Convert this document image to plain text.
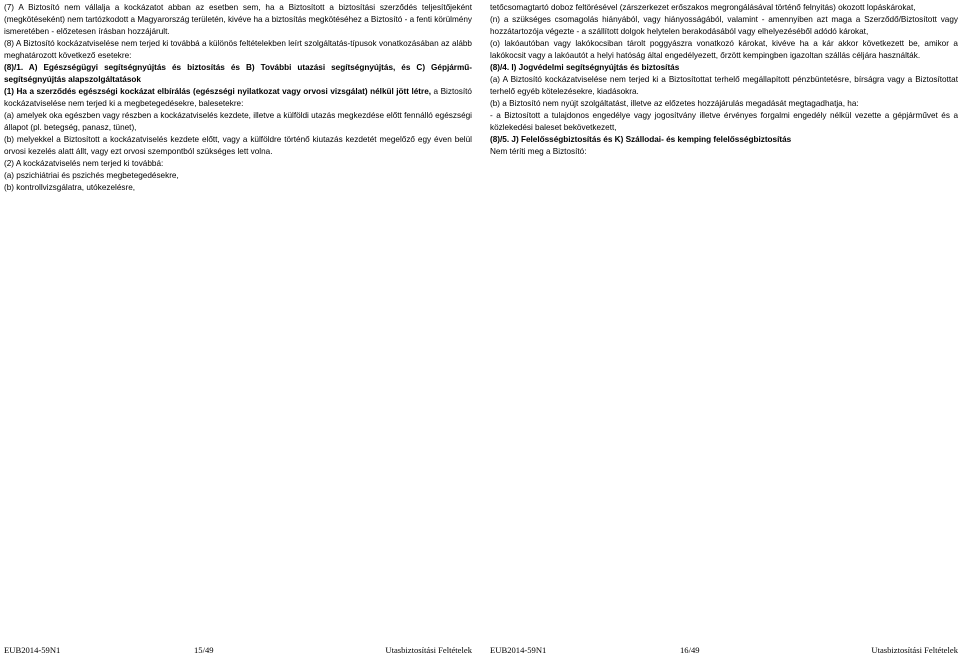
(7) A Biztosító nem vállalja a kockázatot abban az esetben sem, ha a Biztosított a biztosítási szerződés teljesítőjeként (megkötéseként) nem tartózkodott a Magyarország területén, kivéve ha a biztosítás megkötéséhez a Biztosító - a fenti körülmény ismeretében - előzetesen írásban hozzájárult.

(8) A Biztosító kockázatviselése nem terjed ki továbbá a különös feltételekben leírt szolgáltatás-típusok vonatkozásában az alább meghatározott következő esetekre:

(8)/1. A) Egészségügyi segítségnyújtás és biztosítás és B) További utazási segítségnyújtás, és C) Gépjármű-segítségnyújtás alapszolgáltatások

(1) Ha a szerződés egészségi kockázat elbírálás (egészségi nyilatkozat vagy orvosi vizsgálat) nélkül jött létre, a Biztosító kockázatviselése nem terjed ki a megbetegedésekre, balesetekre:

(a) amelyek oka egészben vagy részben a kockázatviselés kezdete, illetve a külföldi utazás megkezdése előtt fennálló egészségi állapot (pl. betegség, panasz, tünet),

(b) melyekkel a Biztosított a kockázatviselés kezdete előtt, vagy a külföldre történő kiutazás kezdetét megelőző egy éven belül orvosi kezelés alatt állt, vagy ezt orvosi szempontból szükséges lett volna.

(2) A kockázatviselés nem terjed ki továbbá:

(a) pszichiátriai és pszichés megbetegedésekre,

(b) kontrollvizsgálatra, utókezelésre,

EUB2014-59N1	15/49	Utasbiztosítási Feltételek

tetőcsomagtartó doboz feltörésével (zárszerkezet erőszakos megrongálásával történő felnyitás) okozott lopáskárokat,

(n) a szükséges csomagolás hiányából, vagy hiányosságából, valamint - amennyiben azt maga a Szerződő/Biztosított vagy hozzátartozója végezte - a szállított dolgok helytelen berakodásából vagy elhelyezéséből adódó károkat,

(o) lakóautóban vagy lakókocsiban tárolt poggyászra vonatkozó károkat, kivéve ha a kár akkor következett be, amikor a lakókocsit vagy a lakóautót a helyi hatóság által engedélyezett, őrzött kempingben igazoltan szállás céljára használták.

(8)/4. I) Jogvédelmi segítségnyújtás és biztosítás

(a) A Biztosító kockázatviselése nem terjed ki a Biztosítottat terhelő megállapított pénzbüntetésre, bírságra vagy a Biztosítottat terhelő egyéb kötelezésekre, kiadásokra.

(b) a Biztosító nem nyújt szolgáltatást, illetve az előzetes hozzájárulás megadását megtagadhatja, ha:

- a Biztosított a tulajdonos engedélye vagy jogosítvány illetve érvényes forgalmi engedély nélkül vezette a gépjárművet és a közlekedési baleset bekövetkezett,

(8)/5. J) Felelősségbiztosítás és K) Szállodai- és kemping felelősségbiztosítás

Nem téríti meg a Biztosító:

EUB2014-59N1	16/49	Utasbiztosítási Feltételek
